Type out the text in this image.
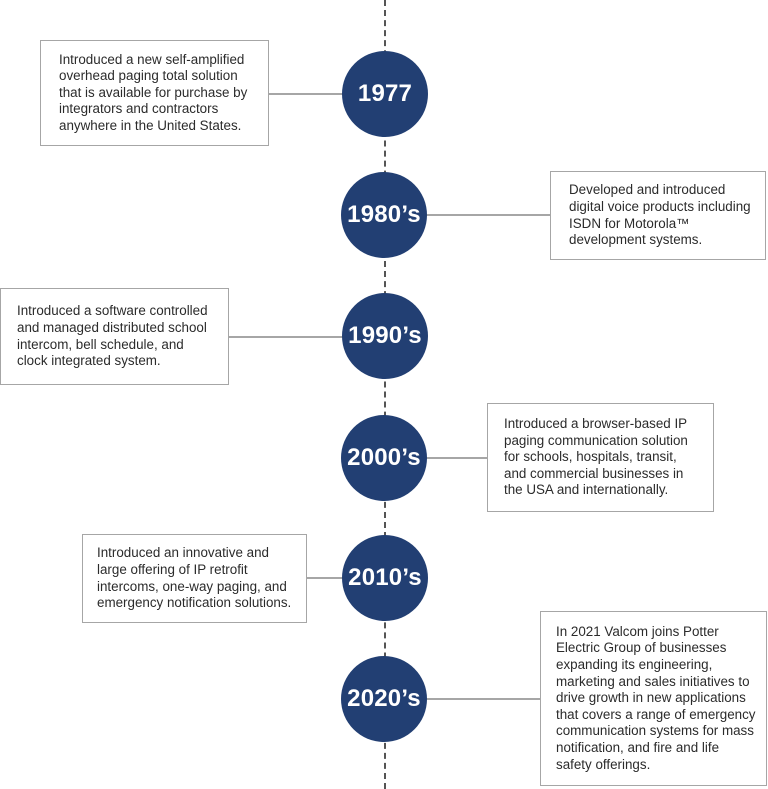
Introduced a new self-amplified overhead paging total solution that is available for purchase by integrators and contractors anywhere in the United States.
1977
Developed and introduced digital voice products including ISDN for Motorola™ development systems.
1980’s
Introduced a software controlled and managed distributed school intercom, bell schedule, and clock integrated system.
1990’s
Introduced a browser-based IP paging communication solution for schools, hospitals, transit, and commercial businesses in the USA and internationally.
2000’s
Introduced an innovative and large offering of IP retrofit intercoms, one-way paging, and emergency notification solutions.
2010’s
In 2021 Valcom joins Potter Electric Group of businesses expanding its engineering, marketing and sales initiatives to drive growth in new applications that covers a range of emergency communication systems for mass notification, and fire and life safety offerings.
2020’s
